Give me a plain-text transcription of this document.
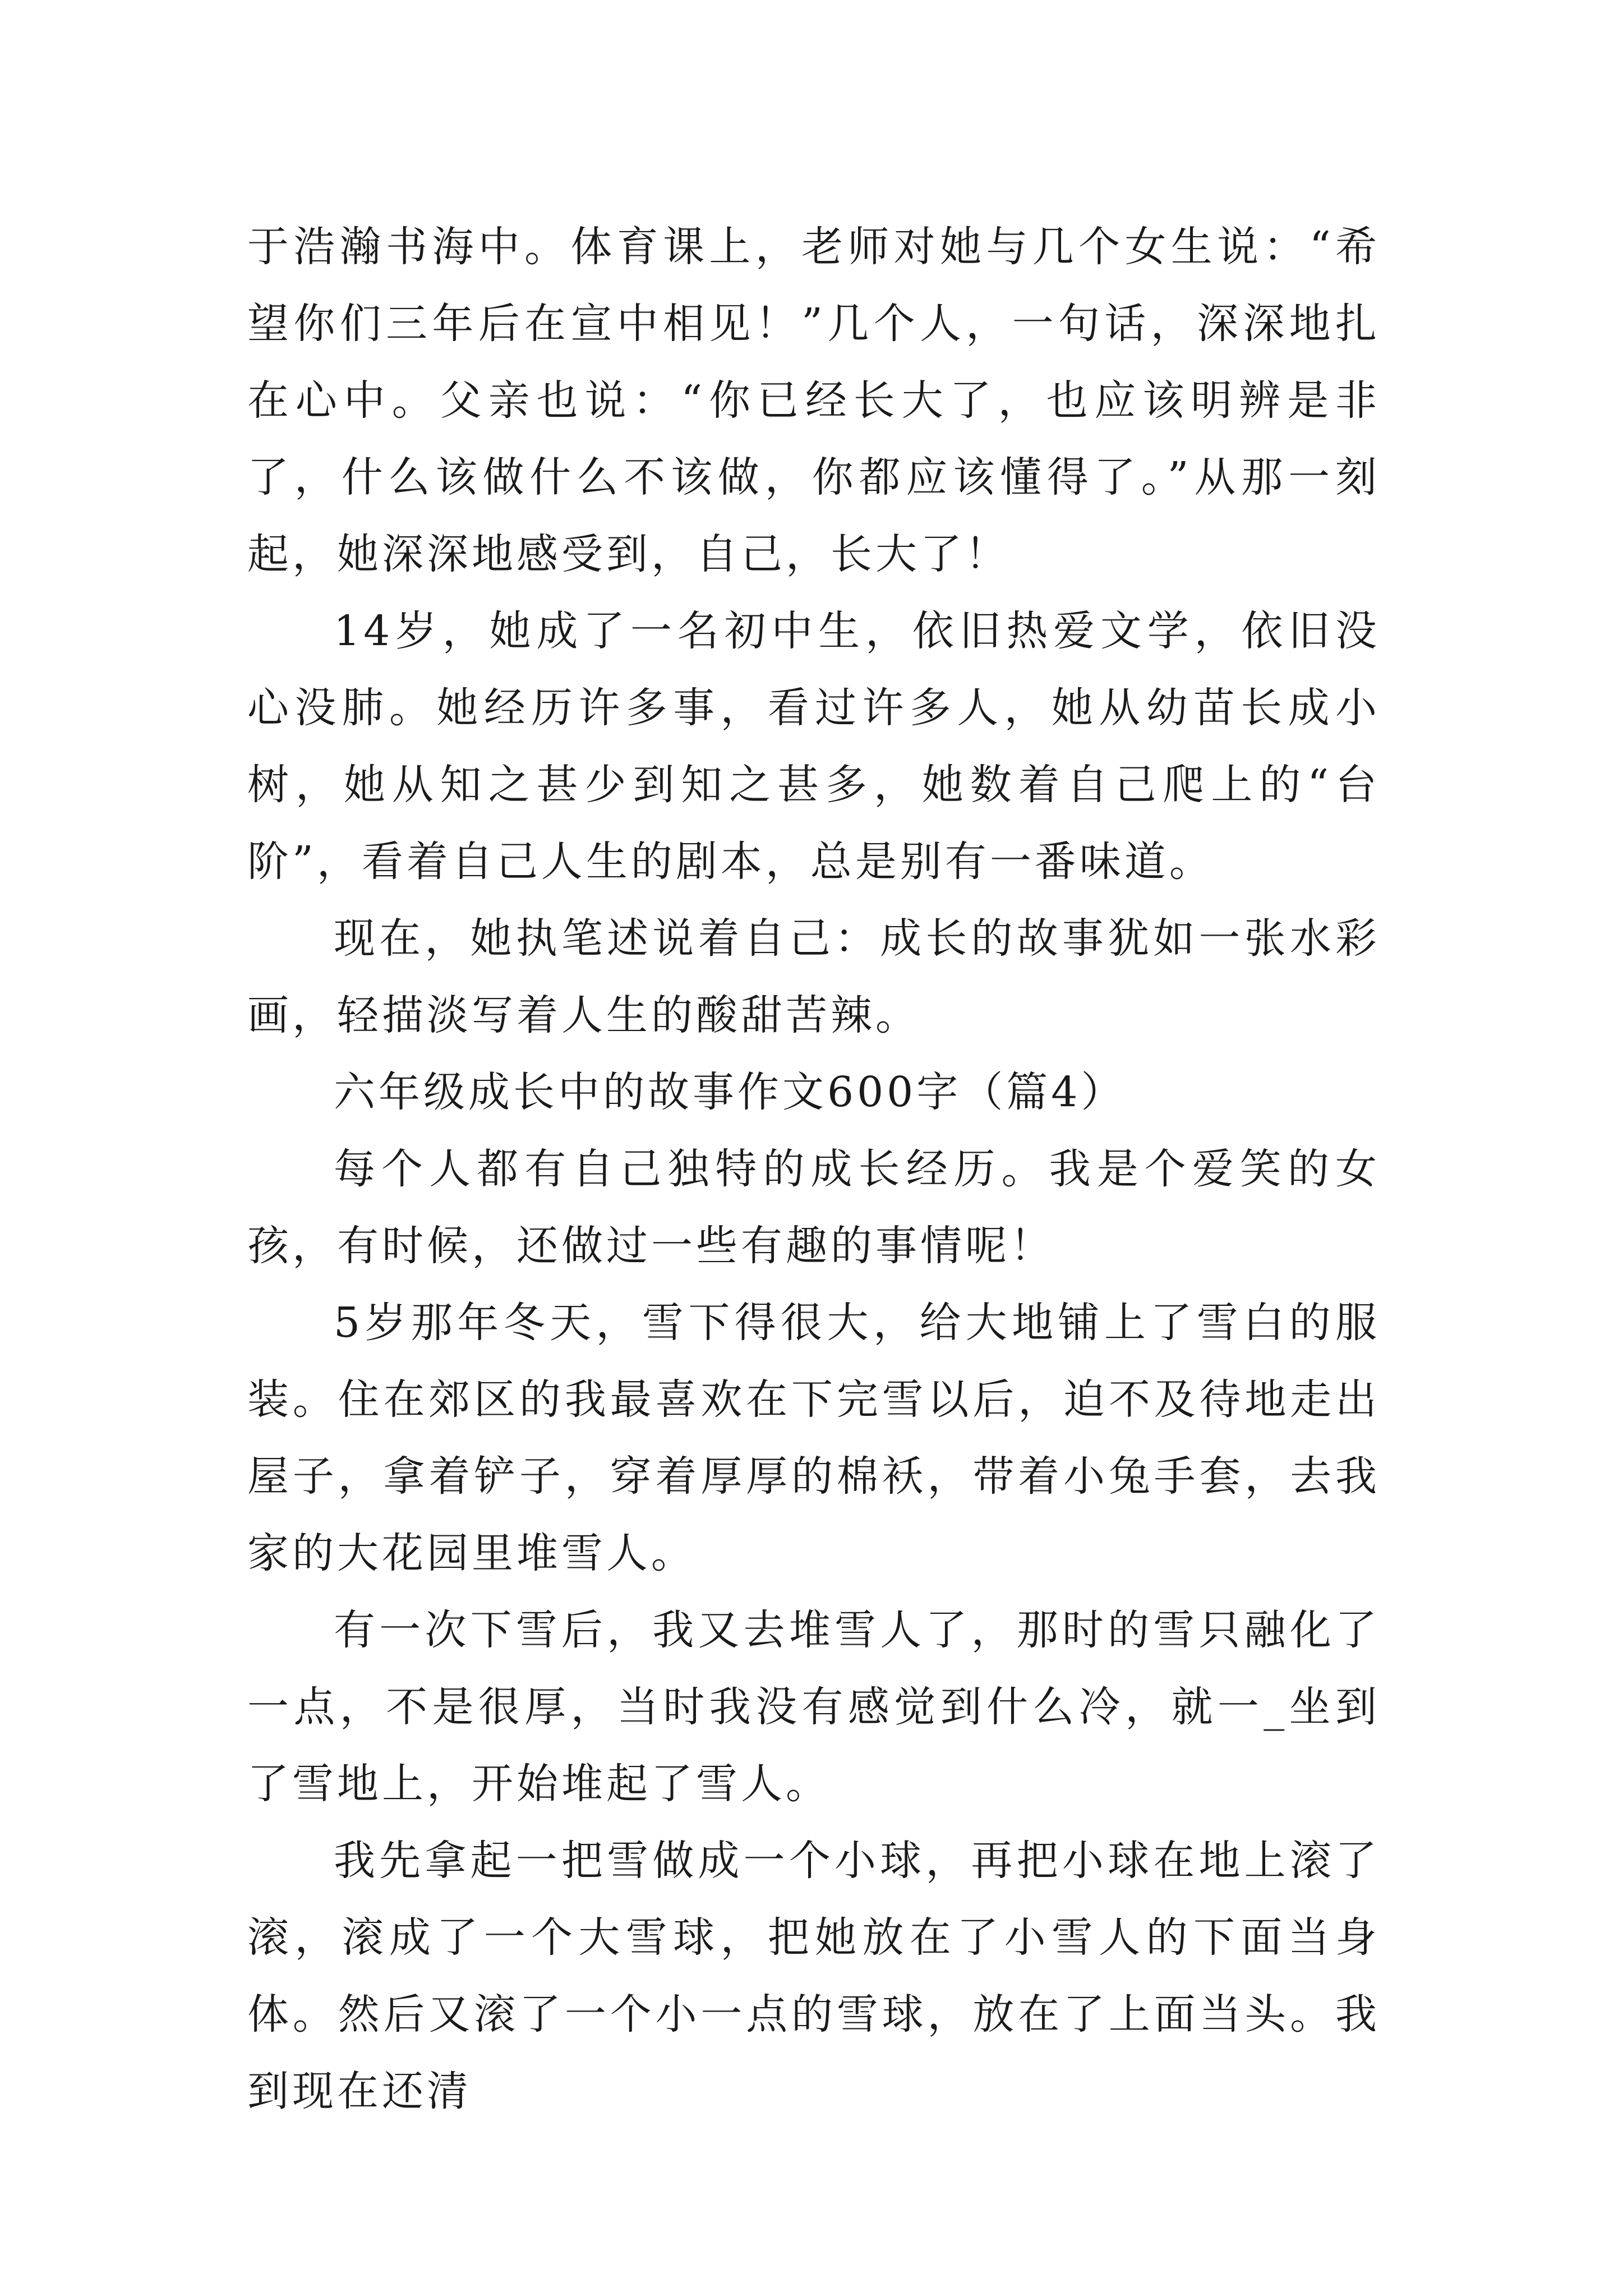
于浩瀚书海中。体育课上，老师对她与几个女生说：“希望你们三年后在宣中相见！”几个人，一句话，深深地扎在心中。父亲也说：“你已经长大了，也应该明辨是非了，什么该做什么不该做，你都应该懂得了。”从那一刻起，她深深地感受到，自己，长大了！

14岁，她成了一名初中生，依旧热爱文学，依旧没心没肺。她经历许多事，看过许多人，她从幼苗长成小树，她从知之甚少到知之甚多，她数着自己爬上的“台阶”，看着自己人生的剧本，总是别有一番味道。

现在，她执笔述说着自己：成长的故事犹如一张水彩画，轻描淡写着人生的酸甜苦辣。

六年级成长中的故事作文600字（篇4）

每个人都有自己独特的成长经历。我是个爱笑的女孩，有时候，还做过一些有趣的事情呢！

5岁那年冬天，雪下得很大，给大地铺上了雪白的服装。住在郊区的我最喜欢在下完雪以后，迫不及待地走出屋子，拿着铲子，穿着厚厚的棉袄，带着小兔手套，去我家的大花园里堆雪人。

有一次下雪后，我又去堆雪人了，那时的雪只融化了一点，不是很厚，当时我没有感觉到什么冷，就一_坐到了雪地上，开始堆起了雪人。

我先拿起一把雪做成一个小球，再把小球在地上滚了滚，滚成了一个大雪球，把她放在了小雪人的下面当身体。然后又滚了一个小一点的雪球，放在了上面当头。我到现在还清
